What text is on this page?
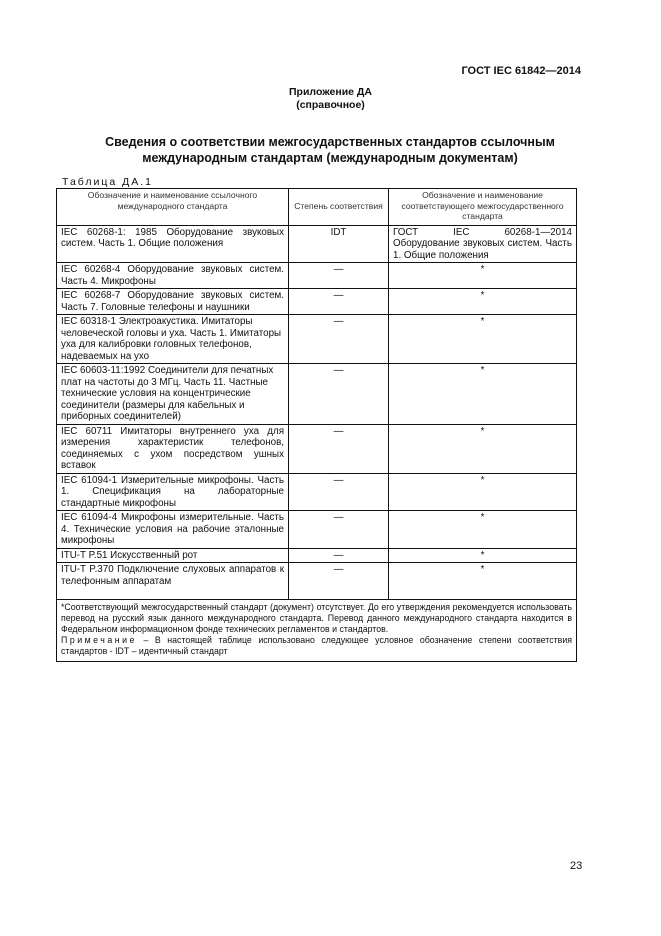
ГОСТ IEC 61842—2014
Приложение ДА
(справочное)
Сведения о соответствии межгосударственных стандартов ссылочным
международным стандартам (международным документам)
Таблица ДА.1
Обозначение и наименование ссылочного международного стандарта	Степень соответствия	Обозначение и наименование соответствующего межгосударственного стандарта
IEC 60268-1: 1985 Оборудование звуковых систем. Часть 1. Общие положения	IDT	ГОСТ IEC 60268-1—2014 Оборудование звуковых систем. Часть 1. Общие положения
IEC 60268-4 Оборудование звуковых систем. Часть 4. Микрофоны	—	*
IEC 60268-7 Оборудование звуковых систем. Часть 7. Головные телефоны и наушники	—	*
IEC 60318-1 Электроакустика. Имитаторы человеческой головы и уха. Часть 1. Имитаторы уха для калибровки головных телефонов, надеваемых на ухо	—	*
IEC 60603-11:1992 Соединители для печатных плат на частоты до 3 МГц. Часть 11. Частные технические условия на концентрические соединители (размеры для кабельных и приборных соединителей)	—	*
IEC 60711 Имитаторы внутреннего уха для измерения характеристик телефонов, соединяемых с ухом посредством ушных вставок	—	*
IEC 61094-1 Измерительные микрофоны. Часть 1. Спецификация на лабораторные стандартные микрофоны	—	*
IEC 61094-4 Микрофоны измерительные. Часть 4. Технические условия на рабочие эталонные микрофоны	—	*
ITU-T P.51 Искусственный рот	—	*
ITU-T P.370 Подключение слуховых аппаратов к телефонным аппаратам	—	*

*Соответствующий межгосударственный стандарт (документ) отсутствует. До его утверждения рекомендуется использовать перевод на русский язык данного международного стандарта. Перевод данного международного стандарта находится в Федеральном информационном фонде технических регламентов и стандартов.
Примечание – В настоящей таблице использовано следующее условное обозначение степени соответствия стандартов - IDT – идентичный стандарт		
23
